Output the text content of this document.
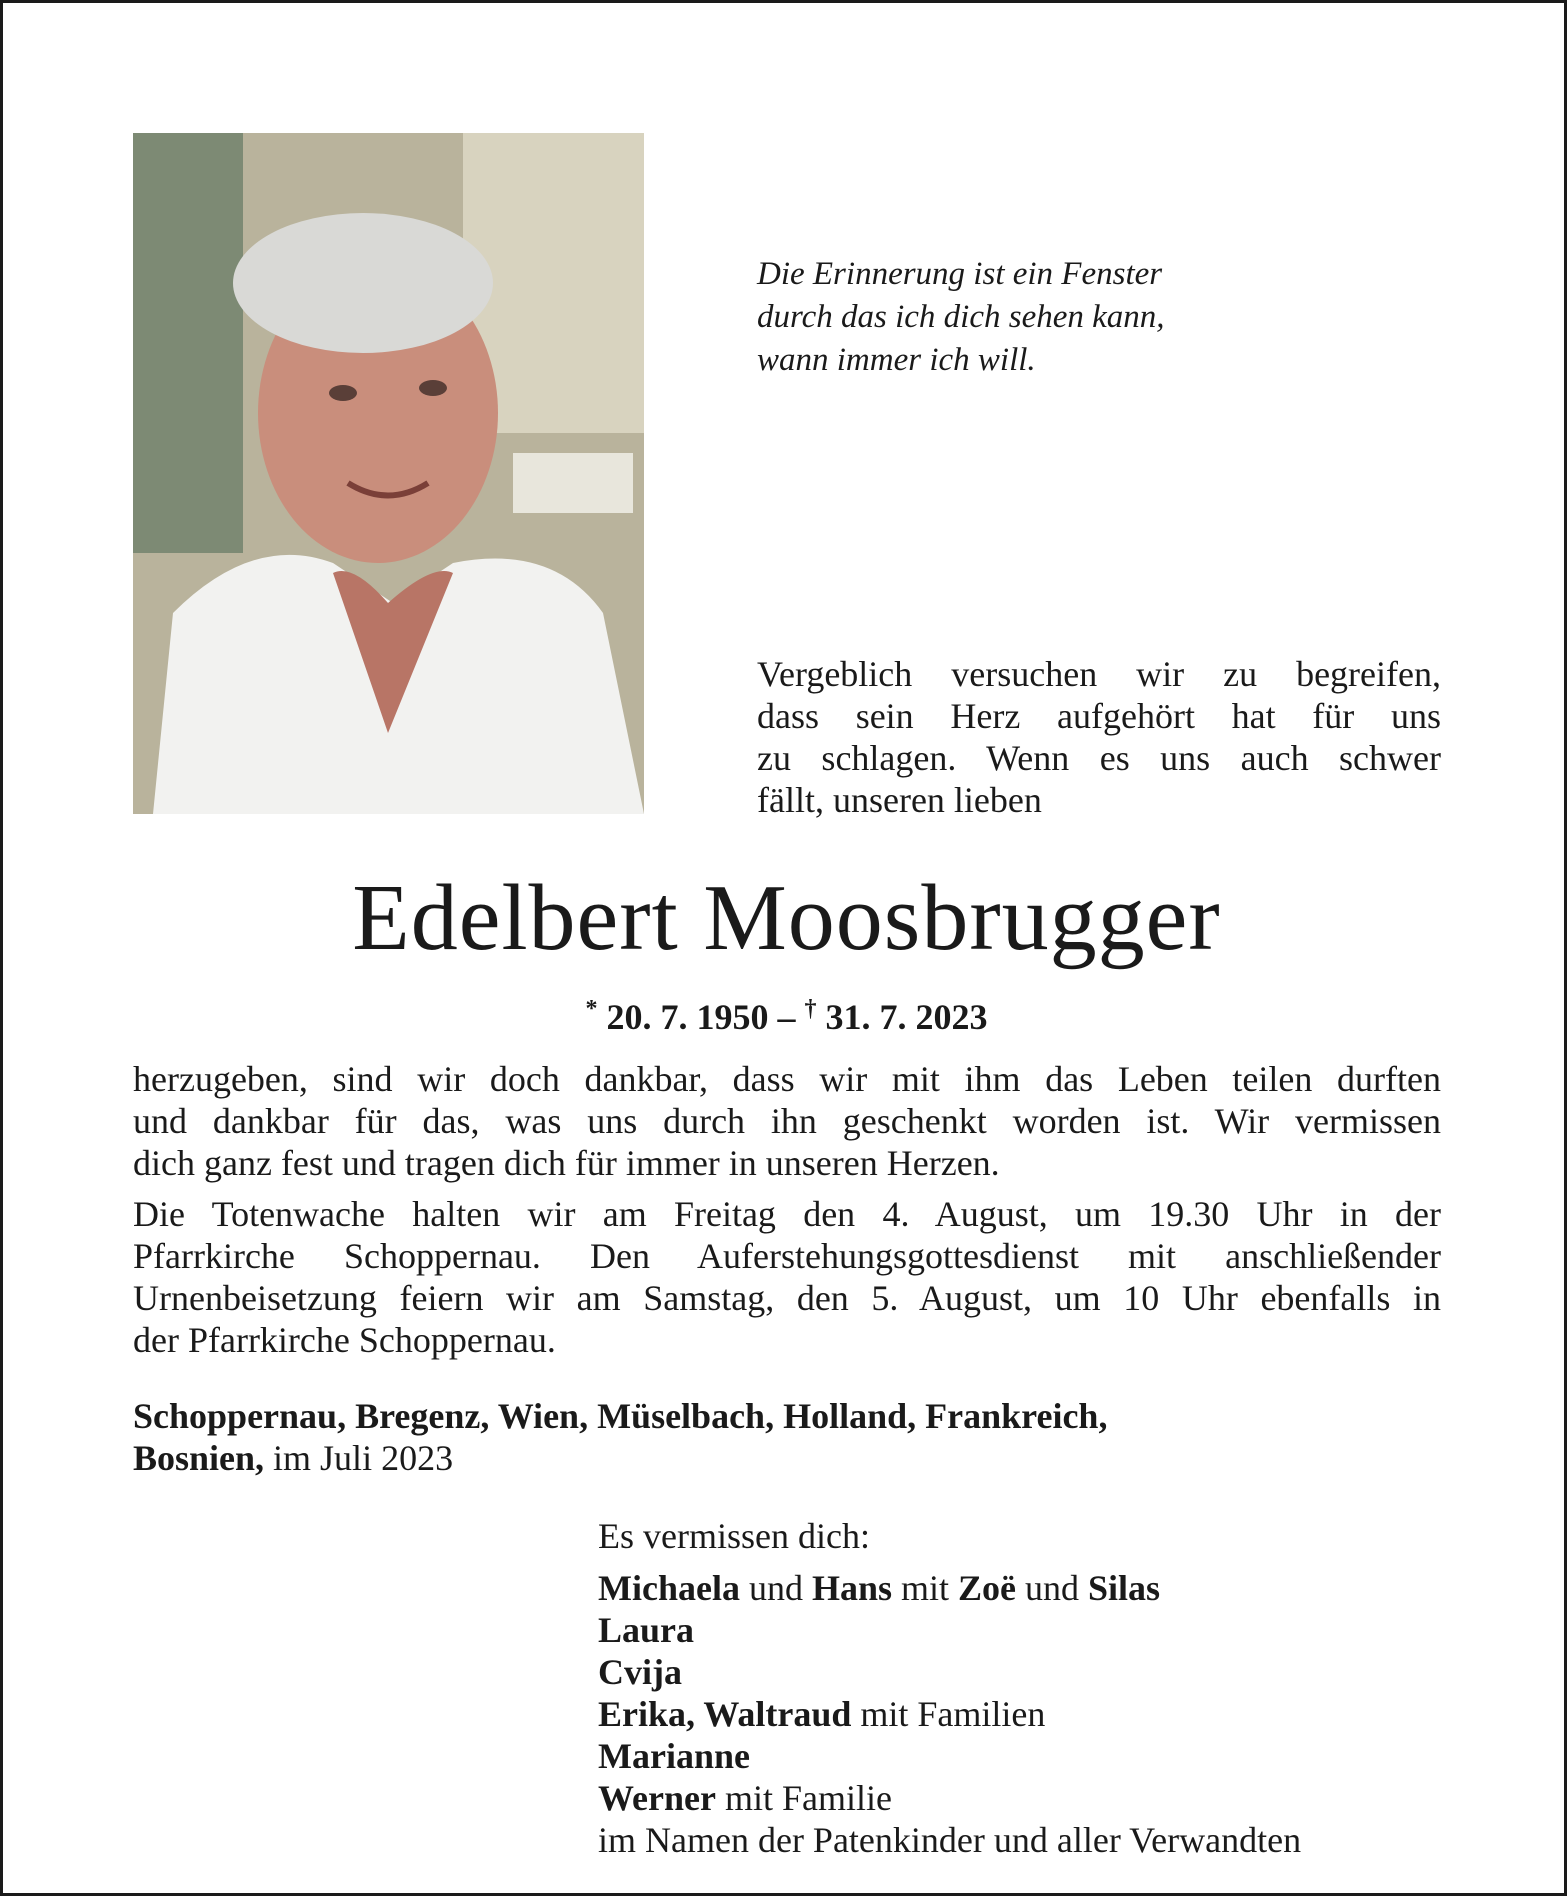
Die Erinnerung ist ein Fenster
durch das ich dich sehen kann,
wann immer ich will.
Vergeblich versuchen wir zu begreifen,
dass sein Herz aufgehört hat für uns
zu schlagen. Wenn es uns auch schwer
fällt, unseren lieben
Edelbert Moosbrugger
* 20. 7. 1950 – † 31. 7. 2023
herzugeben, sind wir doch dankbar, dass wir mit ihm das Leben teilen durften
und dankbar für das, was uns durch ihn geschenkt worden ist. Wir vermissen
dich ganz fest und tragen dich für immer in unseren Herzen.
Die Totenwache halten wir am Freitag den 4. August, um 19.30 Uhr in der
Pfarrkirche Schoppernau. Den Auferstehungsgottesdienst mit anschließender
Urnenbeisetzung feiern wir am Samstag, den 5. August, um 10 Uhr ebenfalls in
der Pfarrkirche Schoppernau.
Schoppernau, Bregenz, Wien, Müselbach, Holland, Frankreich,
Bosnien, im Juli 2023
Es vermissen dich:
Michaela und Hans mit Zoë und Silas
Laura
Cvija
Erika, Waltraud mit Familien
Marianne
Werner mit Familie
im Namen der Patenkinder und aller Verwandten
